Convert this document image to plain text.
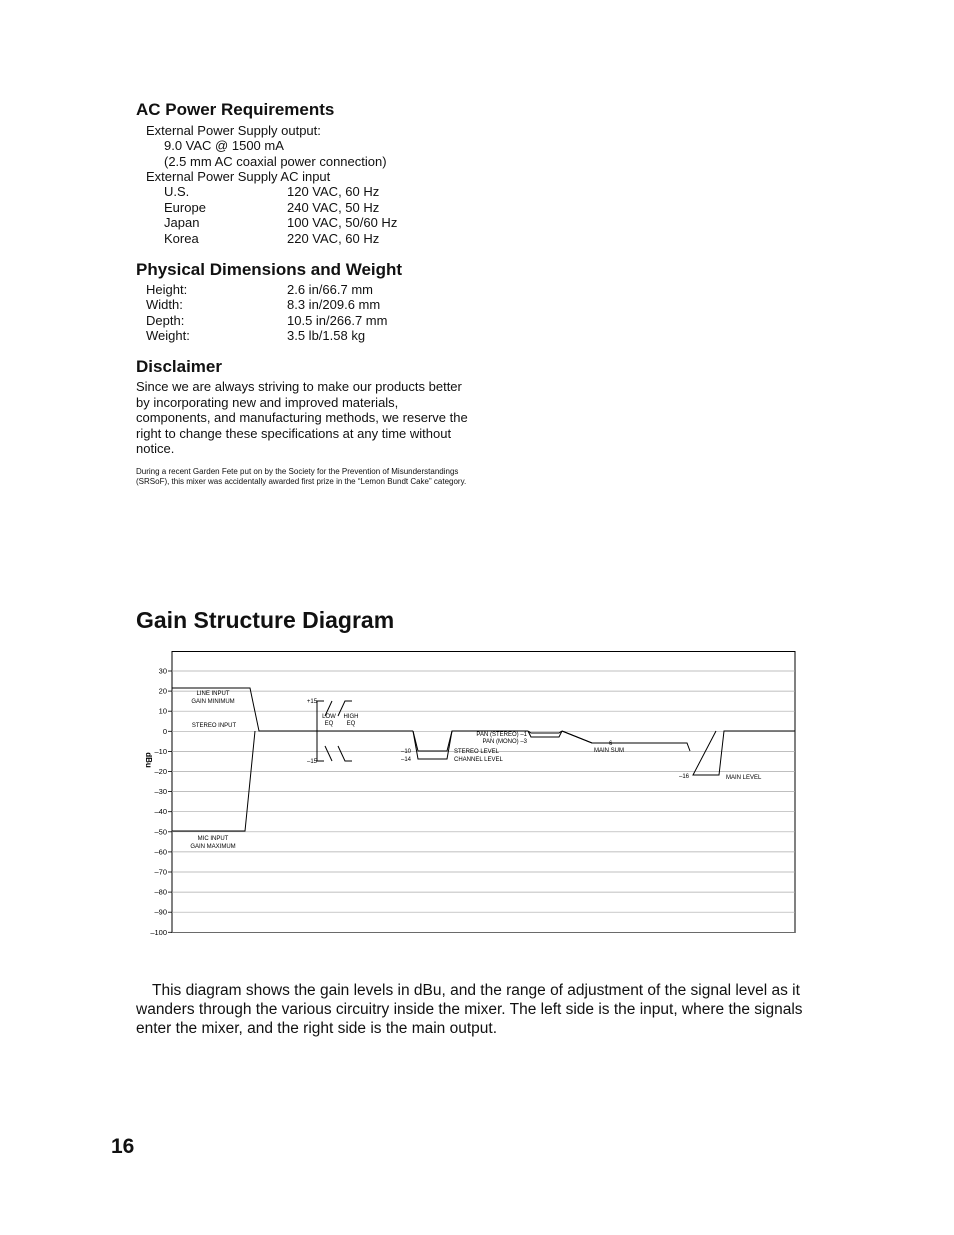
AC Power Requirements
External Power Supply output:
9.0 VAC @ 1500 mA
(2.5 mm AC coaxial power connection)
External Power Supply AC input
U.S.	120 VAC, 60 Hz
Europe	240 VAC, 50 Hz
Japan	100 VAC, 50/60 Hz
Korea	220 VAC, 60 Hz
Physical Dimensions and Weight
Height:	2.6 in/66.7 mm
Width:	8.3 in/209.6 mm
Depth:	10.5 in/266.7 mm
Weight:	3.5 lb/1.58 kg
Disclaimer
Since we are always striving to make our products better by incorporating new and improved materials, components, and manufacturing methods, we reserve the right to change these specifications at any time without notice.
During a recent Garden Fete put on by the Society for the Prevention of Misunderstandings (SRSoF), this mixer was accidentally awarded first prize in the “Lemon Bundt Cake” category.
Gain Structure Diagram
30
20
10
0
–10
–20
–30
–40
–50
–60
–70
–80
–90
–100
dBu
LINE INPUT
GAIN MINIMUM
STEREO INPUT
MIC INPUT
GAIN MAXIMUM
+15
–15
LOW
EQ
HIGH
EQ
–10
–14
STEREO LEVEL
CHANNEL LEVEL
PAN (STEREO) –1
PAN (MONO) –3	–6
MAIN SUM
–16	MAIN LEVEL
This diagram shows the gain levels in dBu, and the range of adjustment of the signal level as it wanders through the various circuitry inside the mixer. The left side is the input, where the signals enter the mixer, and the right side is the main output.
16
